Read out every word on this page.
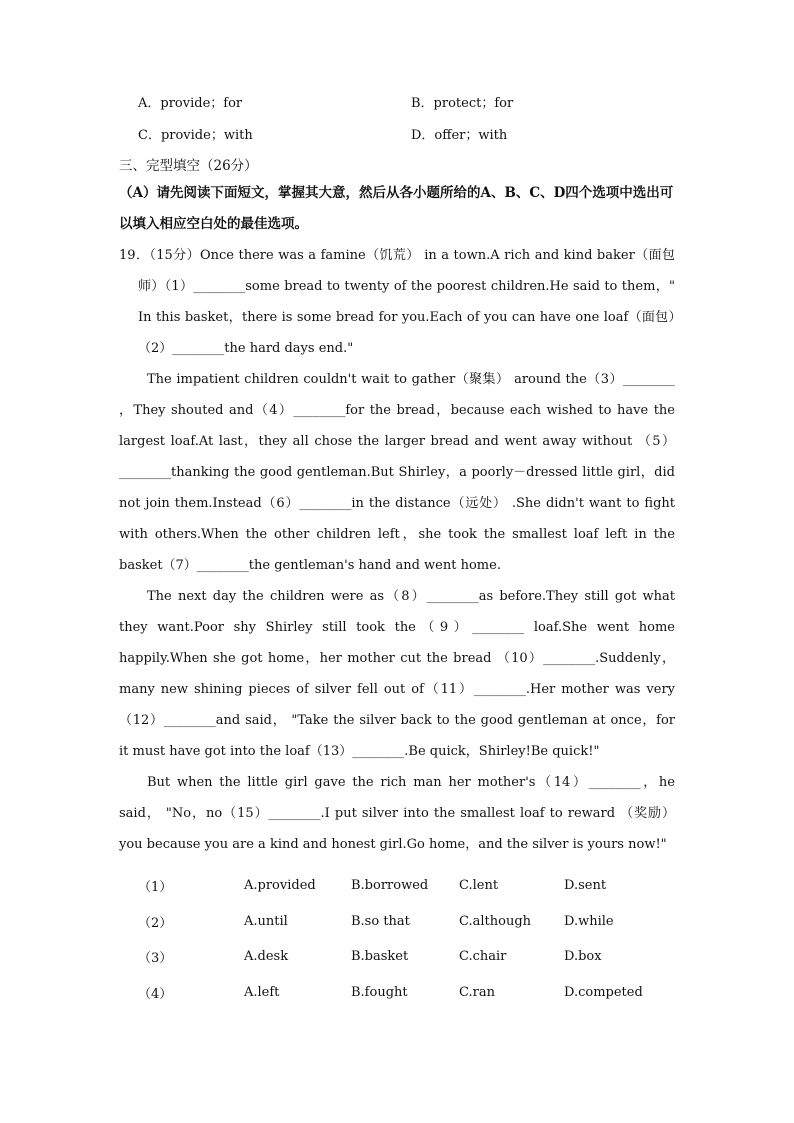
A．provide；for	B．protect；for
C．provide；with	D．offer；with
三、完型填空（26分）
（A）请先阅读下面短文，掌握其大意，然后从各小题所给的A、B、C、D四个选项中选出可以填入相应空白处的最佳选项。

19．（15分）Once there was a famine（饥荒） in a town.A rich and kind baker（面包师）（1）________some bread to twenty of the poorest children.He said to them，" In this basket，there is some bread for you.Each of you can have one loaf（面包）（2）________the hard days end."

The impatient children couldn't wait to gather（聚集） around the（3）________ ，They shouted and（4）________for the bread，because each wished to have the largest loaf.At last，they all chose the larger bread and went away without （5）________thanking the good gentleman.But Shirley，a poorly－dressed little girl，did not join them.Instead（6）________in the distance（远处） .She didn't want to fight with others.When the other children left，she took the smallest loaf left in the basket（7）________the gentleman's hand and went home.

The next day the children were as（8）________as before.They still got what they want.Poor shy Shirley still took the（9）________ loaf.She went home happily.When she got home，her mother cut the bread （10）________.Suddenly，many new shining pieces of silver fell out of（11）________.Her mother was very（12）________and said， "Take the silver back to the good gentleman at once，for it must have got into the loaf（13）________.Be quick，Shirley!Be quick!"

But when the little girl gave the rich man her mother's（14）________，he said， "No，no（15）________.I put silver into the smallest loaf to reward （奖励） you because you are a kind and honest girl.Go home，and the silver is yours now!"

（1）	A.provided	B.borrowed	C.lent	D.sent
（2）	A.until	B.so that	C.although	D.while
（3）	A.desk	B.basket	C.chair	D.box
（4）	A.left	B.fought	C.ran	D.competed
